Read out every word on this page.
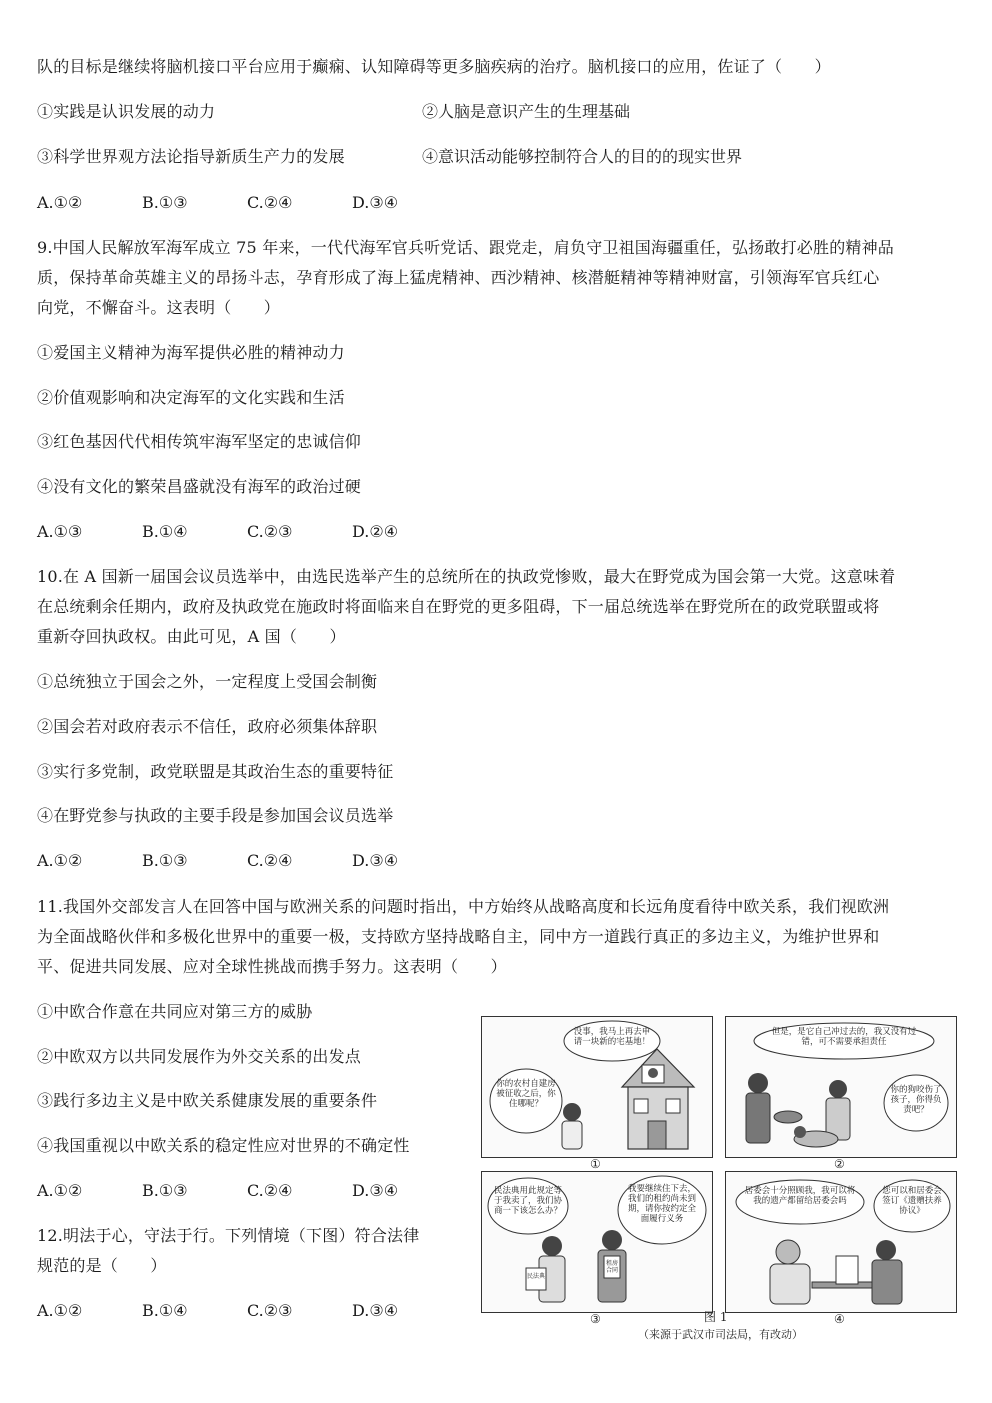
队的目标是继续将脑机接口平台应用于癫痫、认知障碍等更多脑疾病的治疗。脑机接口的应用，佐证了（　　）
①实践是认识发展的动力	②人脑是意识产生的生理基础
③科学世界观方法论指导新质生产力的发展	④意识活动能够控制符合人的目的的现实世界
A.①②	B.①③	C.②④	D.③④
9.中国人民解放军海军成立 75 年来，一代代海军官兵听党话、跟党走，肩负守卫祖国海疆重任，弘扬敢打必胜的精神品
质，保持革命英雄主义的昂扬斗志，孕育形成了海上猛虎精神、西沙精神、核潜艇精神等精神财富，引领海军官兵红心
向党，不懈奋斗。这表明（　　）
①爱国主义精神为海军提供必胜的精神动力
②价值观影响和决定海军的文化实践和生活
③红色基因代代相传筑牢海军坚定的忠诚信仰
④没有文化的繁荣昌盛就没有海军的政治过硬
A.①③	B.①④	C.②③	D.②④
10.在 A 国新一届国会议员选举中，由选民选举产生的总统所在的执政党惨败，最大在野党成为国会第一大党。这意味着
在总统剩余任期内，政府及执政党在施政时将面临来自在野党的更多阻碍，下一届总统选举在野党所在的政党联盟或将
重新夺回执政权。由此可见，A 国（　　）
①总统独立于国会之外，一定程度上受国会制衡
②国会若对政府表示不信任，政府必须集体辞职
③实行多党制，政党联盟是其政治生态的重要特征
④在野党参与执政的主要手段是参加国会议员选举
A.①②	B.①③	C.②④	D.③④
11.我国外交部发言人在回答中国与欧洲关系的问题时指出，中方始终从战略高度和长远角度看待中欧关系，我们视欧洲
为全面战略伙伴和多极化世界中的重要一极，支持欧方坚持战略自主，同中方一道践行真正的多边主义，为维护世界和
平、促进共同发展、应对全球性挑战而携手努力。这表明（　　）
①中欧合作意在共同应对第三方的威胁
②中欧双方以共同发展作为外交关系的出发点
③践行多边主义是中欧关系健康发展的重要条件
④我国重视以中欧关系的稳定性应对世界的不确定性
A.①②	B.①③	C.②④	D.③④
12.明法于心，守法于行。下列情境（下图）符合法律
规范的是（　　）
A.①②	B.①④	C.②③	D.③④
没事，我马上再去申请一块新的宅基地！
你的农村自建房被征收之后，你住哪呢？
①
但是，是它自己冲过去的，我又没有过错，可不需要承担责任
你的狗咬伤了孩子，你得负责吧？
②
民法典用此规定等于我卖了，我们协商一下该怎么办？
我要继续住下去，我们的租约尚未到期，请你按约定全面履行义务
民法典
租房合同
③
居委会十分照顾我，我可以将我的遗产都留给居委会吗
您可以和居委会签订《遗赠扶养协议》
④
图 1
（来源于武汉市司法局，有改动）
